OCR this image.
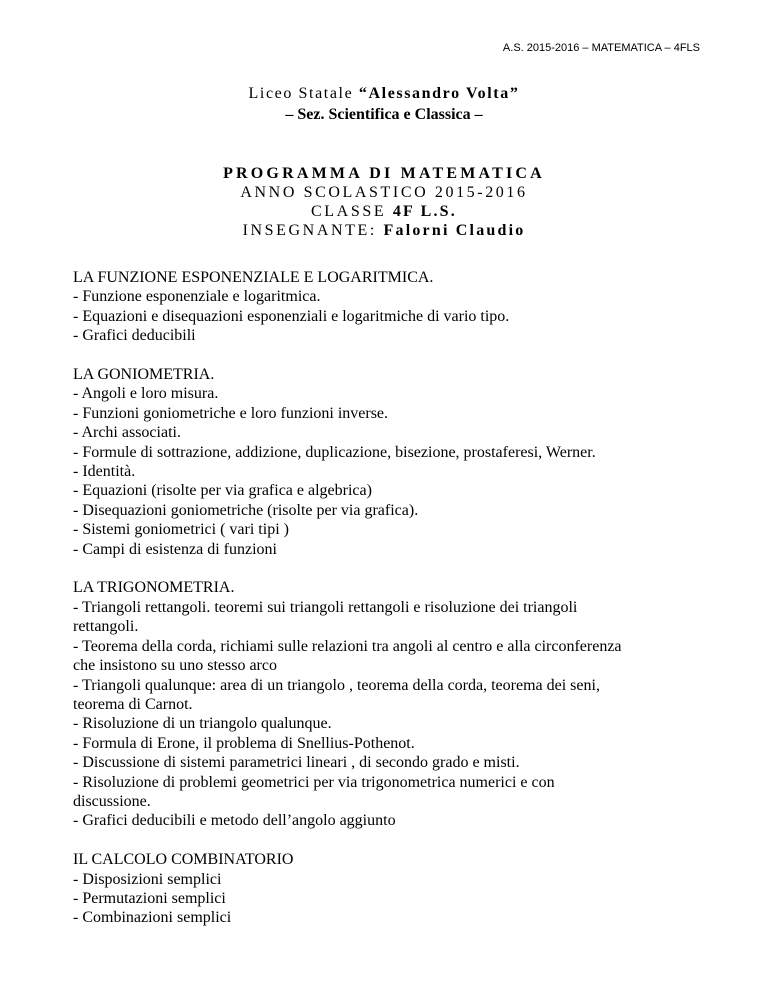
A.S. 2015-2016 – MATEMATICA – 4FLS
Liceo Statale “Alessandro Volta”
– Sez. Scientifica e Classica –
PROGRAMMA DI MATEMATICA
ANNO SCOLASTICO 2015-2016
CLASSE 4F L.S.
INSEGNANTE: Falorni Claudio
LA FUNZIONE ESPONENZIALE E LOGARITMICA.
- Funzione esponenziale e logaritmica.
- Equazioni e disequazioni esponenziali e logaritmiche di vario tipo.
- Grafici deducibili
LA GONIOMETRIA.
- Angoli e loro misura.
- Funzioni goniometriche e loro funzioni inverse.
- Archi associati.
- Formule di sottrazione, addizione, duplicazione, bisezione, prostaferesi, Werner.
- Identità.
- Equazioni (risolte per via grafica e algebrica)
- Disequazioni goniometriche (risolte per via grafica).
- Sistemi goniometrici ( vari tipi )
- Campi di esistenza di funzioni
LA TRIGONOMETRIA.
- Triangoli rettangoli. teoremi sui triangoli rettangoli e risoluzione dei triangoli
rettangoli.
- Teorema della corda, richiami sulle relazioni tra angoli al centro e alla circonferenza
che insistono su uno stesso arco
- Triangoli qualunque: area di un triangolo , teorema della corda, teorema dei seni,
teorema di Carnot.
- Risoluzione di un triangolo qualunque.
- Formula di Erone, il problema di Snellius-Pothenot.
- Discussione di sistemi parametrici lineari , di secondo grado e misti.
- Risoluzione di problemi geometrici per via trigonometrica numerici e con
discussione.
- Grafici deducibili e metodo dell’angolo aggiunto
IL CALCOLO COMBINATORIO
- Disposizioni semplici
- Permutazioni semplici
- Combinazioni semplici
